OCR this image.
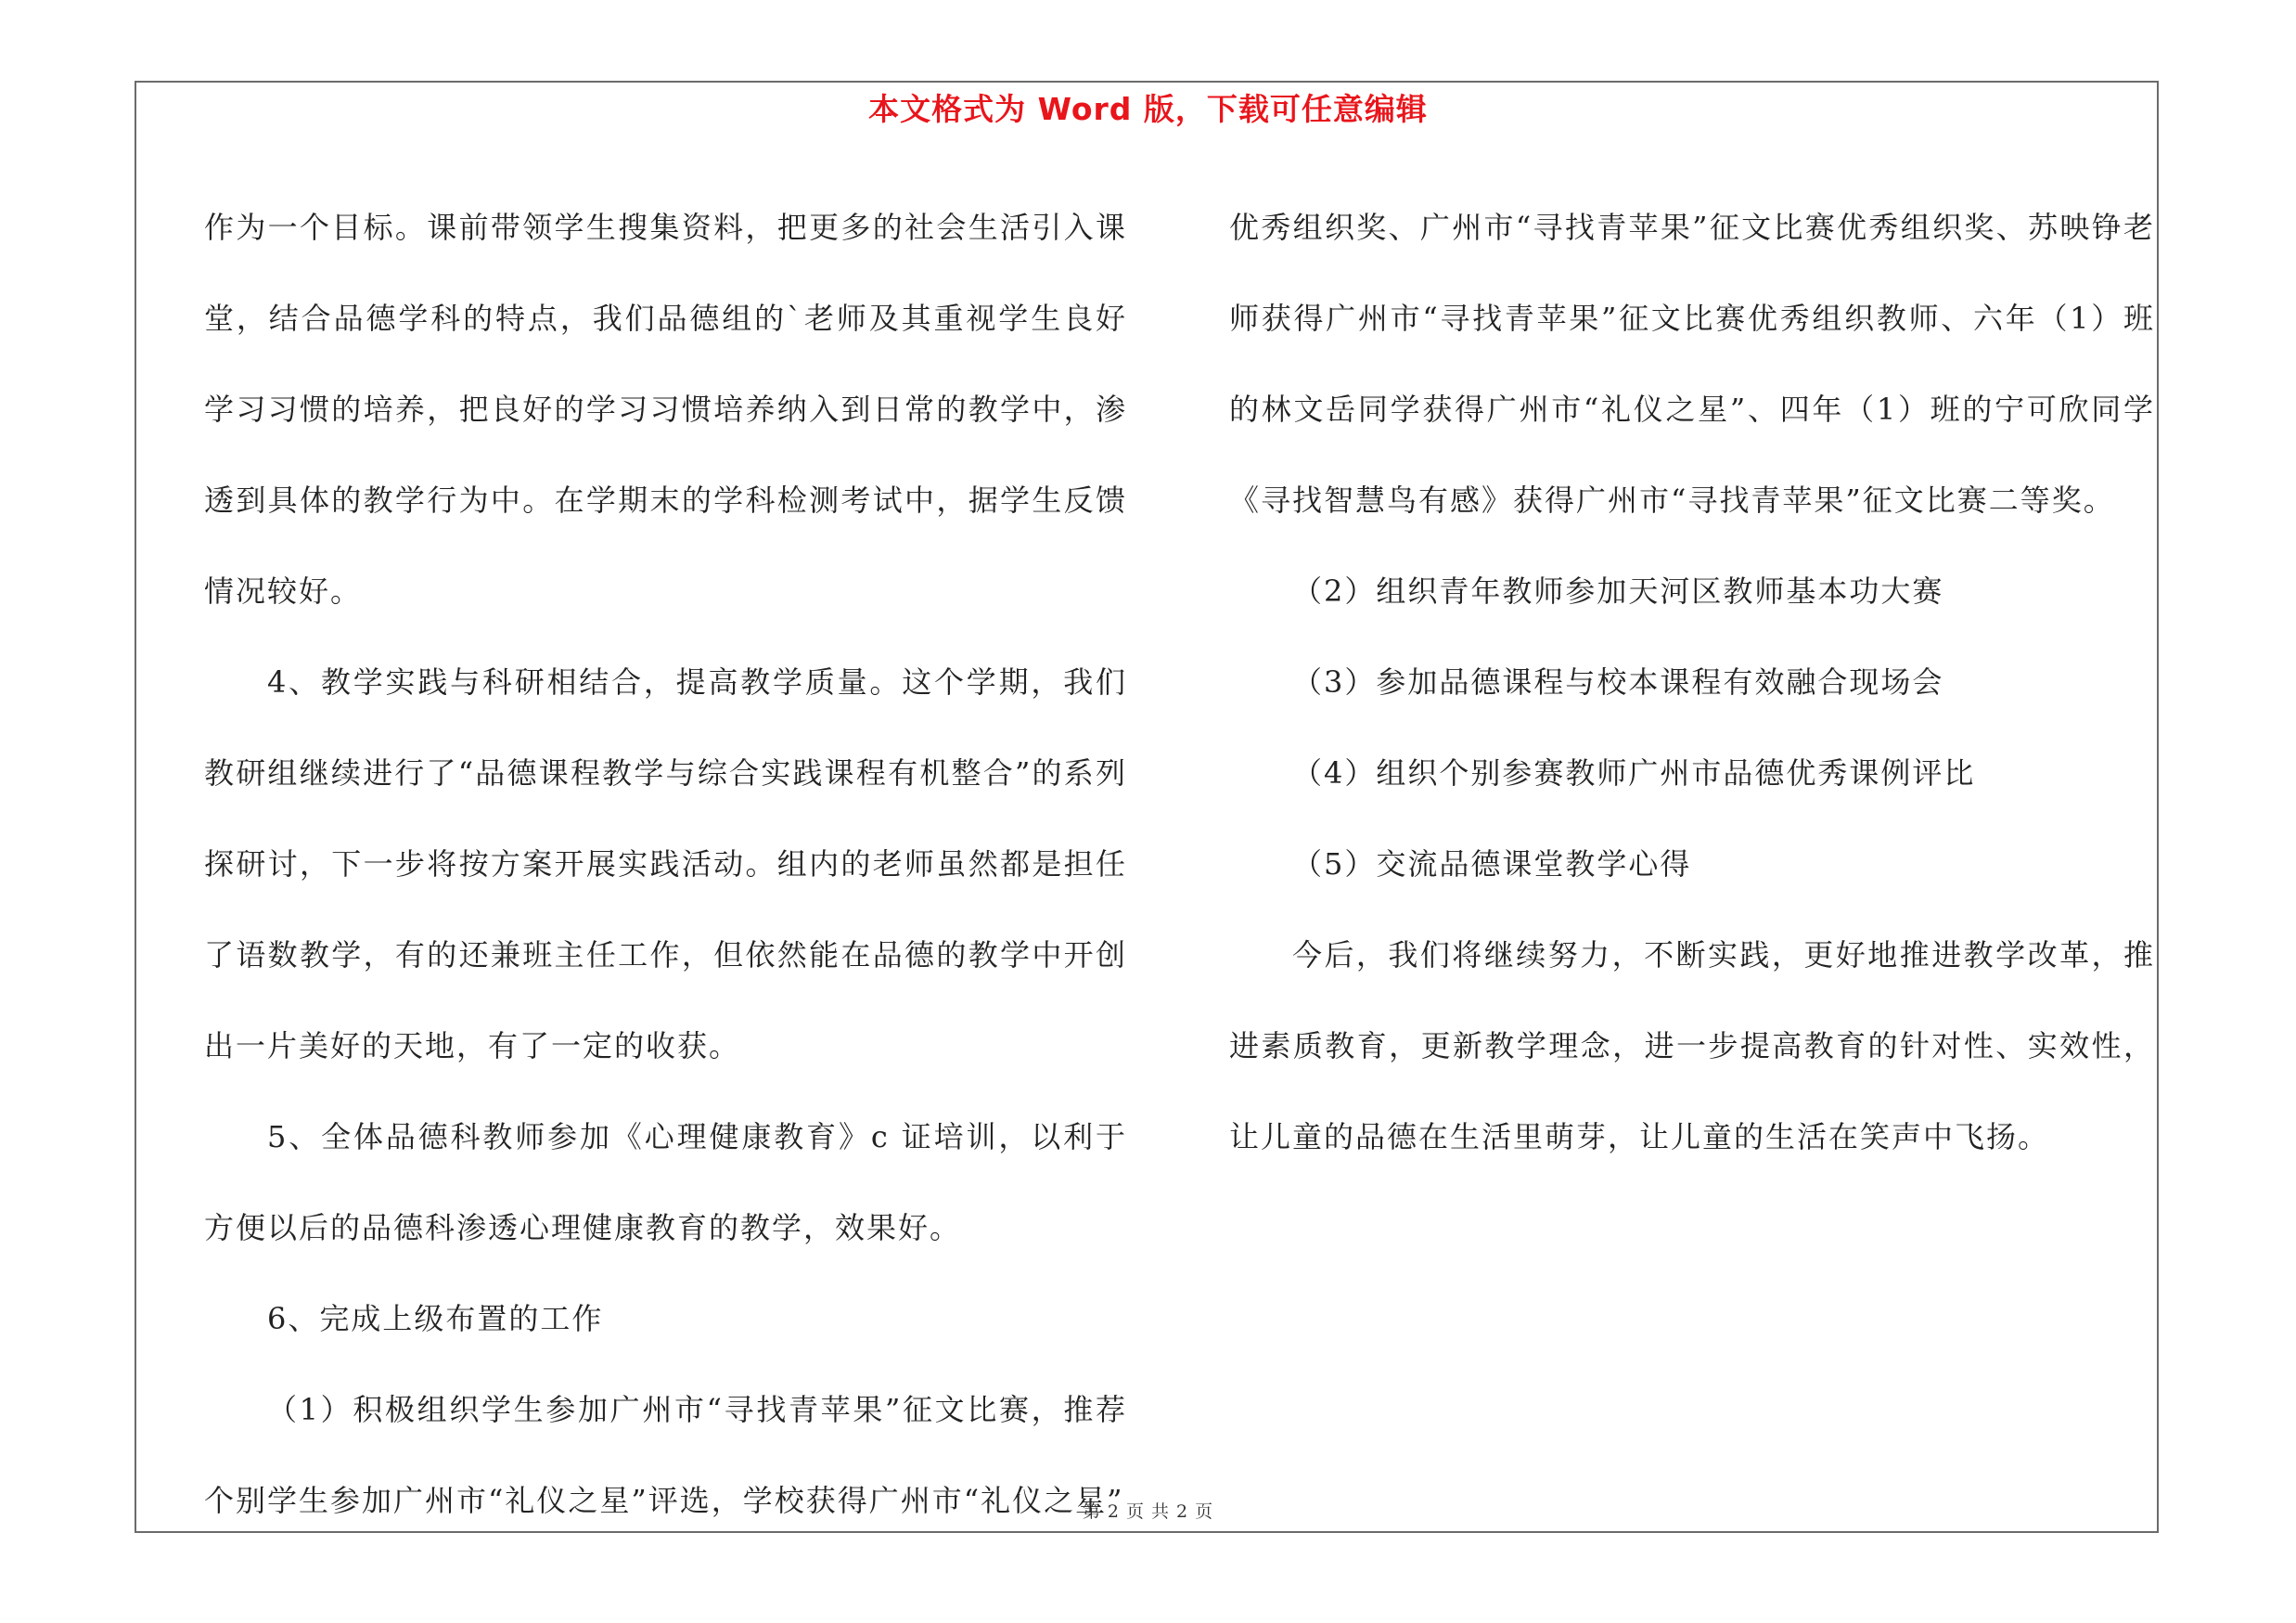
本文格式为 Word 版，下载可任意编辑

作为一个目标。课前带领学生搜集资料，把更多的社会生活引入课堂，结合品德学科的特点，我们品德组的`老师及其重视学生良好学习习惯的培养，把良好的学习习惯培养纳入到日常的教学中，渗透到具体的教学行为中。在学期末的学科检测考试中，据学生反馈情况较好。

4、教学实践与科研相结合，提高教学质量。这个学期，我们教研组继续进行了“品德课程教学与综合实践课程有机整合”的系列探研讨，下一步将按方案开展实践活动。组内的老师虽然都是担任了语数教学，有的还兼班主任工作，但依然能在品德的教学中开创出一片美好的天地，有了一定的收获。

5、全体品德科教师参加《心理健康教育》c 证培训，以利于方便以后的品德科渗透心理健康教育的教学，效果好。

6、完成上级布置的工作

（1）积极组织学生参加广州市“寻找青苹果”征文比赛，推荐个别学生参加广州市“礼仪之星”评选，学校获得广州市“礼仪之星”

优秀组织奖、广州市“寻找青苹果”征文比赛优秀组织奖、苏映铮老师获得广州市“寻找青苹果”征文比赛优秀组织教师、六年（1）班的林文岳同学获得广州市“礼仪之星”、四年（1）班的宁可欣同学《寻找智慧鸟有感》获得广州市“寻找青苹果”征文比赛二等奖。

（2）组织青年教师参加天河区教师基本功大赛

（3）参加品德课程与校本课程有效融合现场会

（4）组织个别参赛教师广州市品德优秀课例评比

（5）交流品德课堂教学心得

今后，我们将继续努力，不断实践，更好地推进教学改革，推进素质教育，更新教学理念，进一步提高教育的针对性、实效性，让儿童的品德在生活里萌芽，让儿童的生活在笑声中飞扬。

第 2 页 共 2 页
